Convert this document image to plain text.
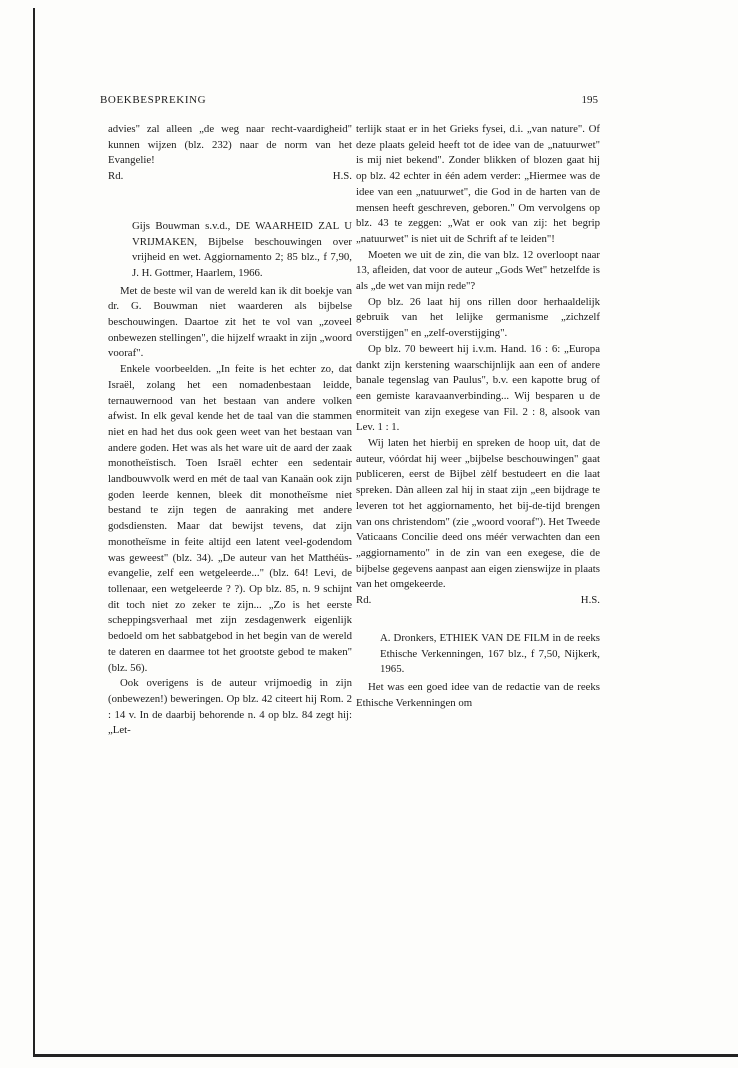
BOEKBESPREKING	195

advies" zal alleen „de weg naar recht-vaardigheid" kunnen wijzen (blz. 232) naar de norm van het Evangelie!

Rd.	H.S.

Gijs Bouwman s.v.d., DE WAARHEID ZAL U VRIJMAKEN, Bijbelse beschouwingen over vrijheid en wet. Aggiornamento 2; 85 blz., f 7,90, J. H. Gottmer, Haarlem, 1966.

Met de beste wil van de wereld kan ik dit boekje van dr. G. Bouwman niet waarderen als bijbelse beschouwingen. Daartoe zit het te vol van „zoveel onbewezen stellingen", die hijzelf wraakt in zijn „woord vooraf".

Enkele voorbeelden. „In feite is het echter zo, dat Israël, zolang het een nomadenbestaan leidde, ternauwernood van het bestaan van andere volken afwist. In elk geval kende het de taal van die stammen niet en had het dus ook geen weet van het bestaan van andere goden. Het was als het ware uit de aard der zaak monotheïstisch. Toen Israël echter een sedentair landbouwvolk werd en mét de taal van Kanaän ook zijn goden leerde kennen, bleek dit monotheïsme niet bestand te zijn tegen de aanraking met andere godsdiensten. Maar dat bewijst tevens, dat zijn monotheïsme in feite altijd een latent veel-godendom was geweest" (blz. 34). „De auteur van het Matthéüs-evangelie, zelf een wetgeleerde..." (blz. 64! Levi, de tollenaar, een wetgeleerde ? ?). Op blz. 85, n. 9 schijnt dit toch niet zo zeker te zijn... „Zo is het eerste scheppingsverhaal met zijn zesdagenwerk eigenlijk bedoeld om het sabbatgebod in het begin van de wereld te dateren en daarmee tot het grootste gebod te maken" (blz. 56).

Ook overigens is de auteur vrijmoedig in zijn (onbewezen!) beweringen. Op blz. 42 citeert hij Rom. 2 : 14 v. In de daarbij behorende n. 4 op blz. 84 zegt hij: „Let-

terlijk staat er in het Grieks fysei, d.i. „van nature". Of deze plaats geleid heeft tot de idee van de „natuurwet" is mij niet bekend". Zonder blikken of blozen gaat hij op blz. 42 echter in één adem verder: „Hiermee was de idee van een „natuurwet", die God in de harten van de mensen heeft geschreven, geboren." Om vervolgens op blz. 43 te zeggen: „Wat er ook van zij: het begrip „natuurwet" is niet uit de Schrift af te leiden"!

Moeten we uit de zin, die van blz. 12 overloopt naar 13, afleiden, dat voor de auteur „Gods Wet" hetzelfde is als „de wet van mijn rede"?

Op blz. 26 laat hij ons rillen door herhaaldelijk gebruik van het lelijke germanisme „zichzelf overstijgen" en „zelf-overstijging".

Op blz. 70 beweert hij i.v.m. Hand. 16 : 6: „Europa dankt zijn kerstening waarschijnlijk aan een of andere banale tegenslag van Paulus", b.v. een kapotte brug of een gemiste karavaanverbinding... Wij besparen u de enormiteit van zijn exegese van Fil. 2 : 8, alsook van Lev. 1 : 1.

Wij laten het hierbij en spreken de hoop uit, dat de auteur, vóórdat hij weer „bijbelse beschouwingen" gaat publiceren, eerst de Bijbel zèlf bestudeert en die laat spreken. Dàn alleen zal hij in staat zijn „een bijdrage te leveren tot het aggiornamento, het bij-de-tijd brengen van ons christendom" (zie „woord vooraf"). Het Tweede Vaticaans Concilie deed ons méér verwachten dan een „aggiornamento" in de zin van een exegese, die de bijbelse gegevens aanpast aan eigen zienswijze in plaats van het omgekeerde.

Rd.	H.S.

A. Dronkers, ETHIEK VAN DE FILM in de reeks Ethische Verkenningen, 167 blz., f 7,50, Nijkerk, 1965.

Het was een goed idee van de redactie van de reeks Ethische Verkenningen om
